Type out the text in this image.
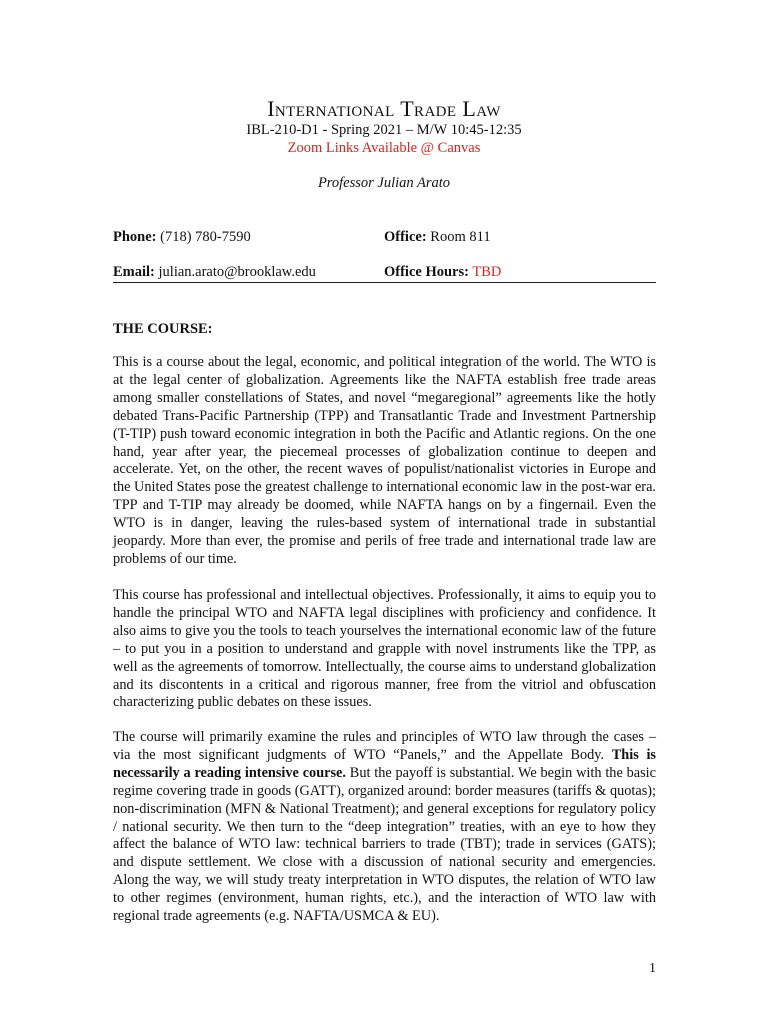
International Trade Law
IBL-210-D1 - Spring 2021 – M/W 10:45-12:35
Zoom Links Available @ Canvas
Professor Julian Arato
Phone: (718) 780-7590	Office: Room 811
Email: julian.arato@brooklaw.edu	Office Hours: TBD
THE COURSE:

This is a course about the legal, economic, and political integration of the world. The WTO is at the legal center of globalization. Agreements like the NAFTA establish free trade areas among smaller constellations of States, and novel “megaregional” agreements like the hotly debated Trans-Pacific Partnership (TPP) and Transatlantic Trade and Investment Partnership (T-TIP) push toward economic integration in both the Pacific and Atlantic regions. On the one hand, year after year, the piecemeal processes of globalization continue to deepen and accelerate. Yet, on the other, the recent waves of populist/nationalist victories in Europe and the United States pose the greatest challenge to international economic law in the post-war era. TPP and T-TIP may already be doomed, while NAFTA hangs on by a fingernail. Even the WTO is in danger, leaving the rules-based system of international trade in substantial jeopardy. More than ever, the promise and perils of free trade and international trade law are problems of our time.

This course has professional and intellectual objectives. Professionally, it aims to equip you to handle the principal WTO and NAFTA legal disciplines with proficiency and confidence. It also aims to give you the tools to teach yourselves the international economic law of the future – to put you in a position to understand and grapple with novel instruments like the TPP, as well as the agreements of tomorrow. Intellectually, the course aims to understand globalization and its discontents in a critical and rigorous manner, free from the vitriol and obfuscation characterizing public debates on these issues.

The course will primarily examine the rules and principles of WTO law through the cases – via the most significant judgments of WTO “Panels,” and the Appellate Body. This is necessarily a reading intensive course. But the payoff is substantial. We begin with the basic regime covering trade in goods (GATT), organized around: border measures (tariffs & quotas); non-discrimination (MFN & National Treatment); and general exceptions for regulatory policy / national security. We then turn to the “deep integration” treaties, with an eye to how they affect the balance of WTO law: technical barriers to trade (TBT); trade in services (GATS); and dispute settlement. We close with a discussion of national security and emergencies. Along the way, we will study treaty interpretation in WTO disputes, the relation of WTO law to other regimes (environment, human rights, etc.), and the interaction of WTO law with regional trade agreements (e.g. NAFTA/USMCA & EU).

1
